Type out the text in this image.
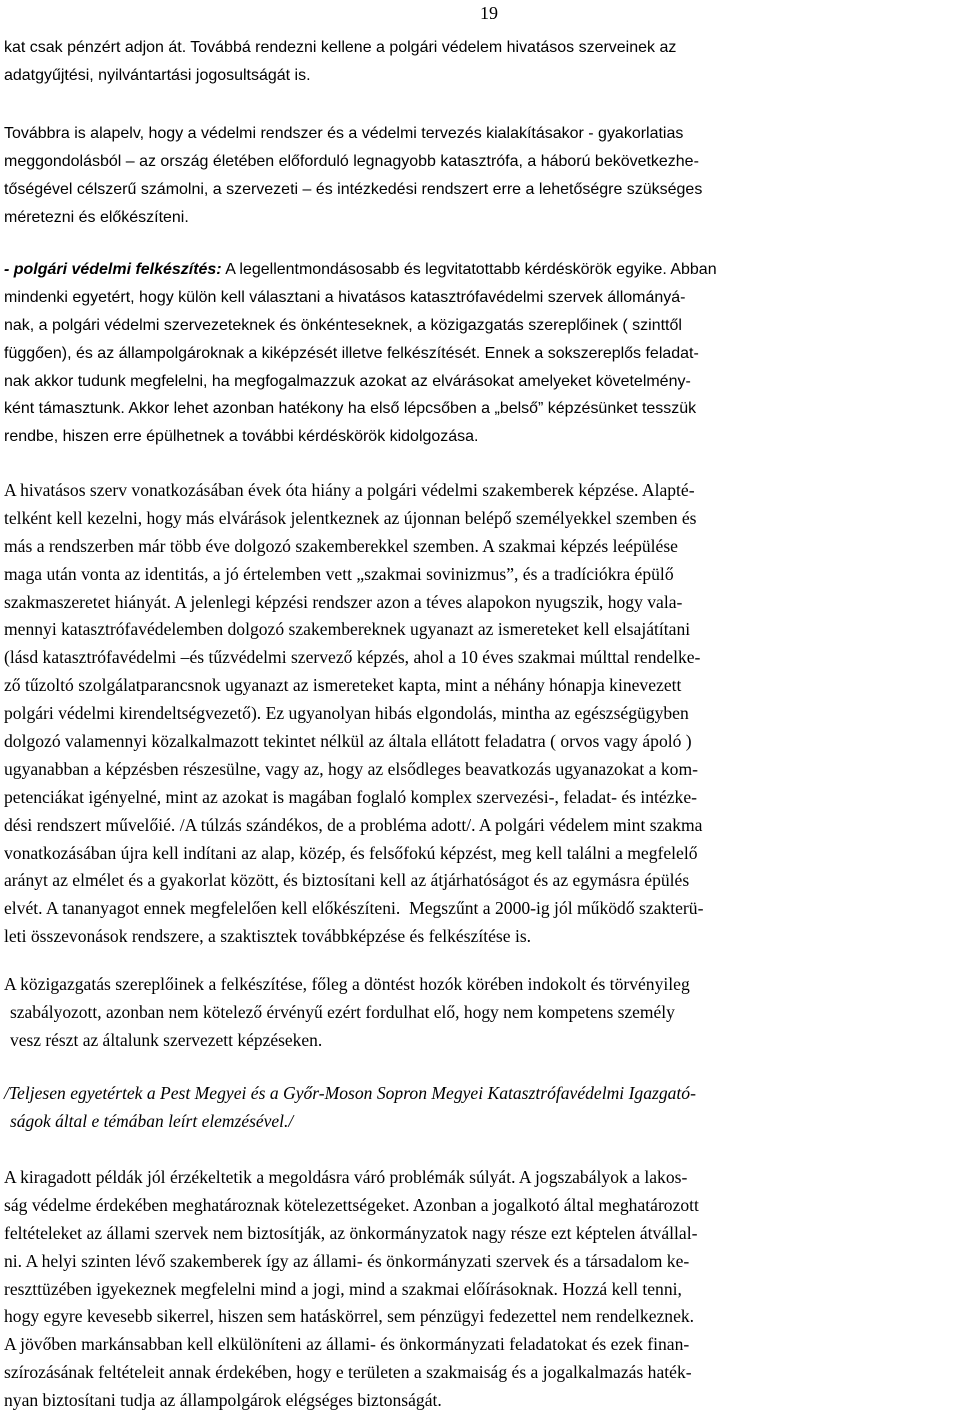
19
kat csak pénzért adjon át. Továbbá rendezni kellene a polgári védelem hivatásos szerveinek az
adatgyűjtési, nyilvántartási jogosultságát is.
Továbbra is alapelv, hogy a védelmi rendszer és a védelmi tervezés kialakításakor - gyakorlatias
meggondolásból – az ország életében előforduló legnagyobb katasztrófa, a háború bekövetkezhe-
tőségével célszerű számolni, a szervezeti – és intézkedési rendszert erre a lehetőségre szükséges
méretezni és előkészíteni.
- polgári védelmi felkészítés: A legellentmondásosabb és legvitatottabb kérdéskörök egyike. Abban
mindenki egyetért, hogy külön kell választani a hivatásos katasztrófavédelmi szervek állományá-
nak, a polgári védelmi szervezeteknek és önkénteseknek, a közigazgatás szereplőinek ( szinttől
függően), és az állampolgároknak a kiképzését illetve felkészítését. Ennek a sokszereplős feladat-
nak akkor tudunk megfelelni, ha megfogalmazzuk azokat az elvárásokat amelyeket követelmény-
ként támasztunk. Akkor lehet azonban hatékony ha első lépcsőben a „belső” képzésünket tesszük
rendbe, hiszen erre épülhetnek a további kérdéskörök kidolgozása.
A hivatásos szerv vonatkozásában évek óta hiány a polgári védelmi szakemberek képzése. Alapté-
telként kell kezelni, hogy más elvárások jelentkeznek az újonnan belépő személyekkel szemben és
más a rendszerben már több éve dolgozó szakemberekkel szemben. A szakmai képzés leépülése
maga után vonta az identitás, a jó értelemben vett „szakmai sovinizmus”, és a tradíciókra épülő
szakmaszeretet hiányát. A jelenlegi képzési rendszer azon a téves alapokon nyugszik, hogy vala-
mennyi katasztrófavédelemben dolgozó szakembereknek ugyanazt az ismereteket kell elsajátítani
(lásd katasztrófavédelmi –és tűzvédelmi szervező képzés, ahol a 10 éves szakmai múlttal rendelke-
ző tűzoltó szolgálatparancsnok ugyanazt az ismereteket kapta, mint a néhány hónapja kinevezett
polgári védelmi kirendeltségvezető). Ez ugyanolyan hibás elgondolás, mintha az egészségügyben
dolgozó valamennyi közalkalmazott tekintet nélkül az általa ellátott feladatra ( orvos vagy ápoló )
ugyanabban a képzésben részesülne, vagy az, hogy az elsődleges beavatkozás ugyanazokat a kom-
petenciákat igényelné, mint az azokat is magában foglaló komplex szervezési-, feladat- és intézke-
dési rendszert művelőié. /A túlzás szándékos, de a probléma adott/. A polgári védelem mint szakma
vonatkozásában újra kell indítani az alap, közép, és felsőfokú képzést, meg kell találni a megfelelő
arányt az elmélet és a gyakorlat között, és biztosítani kell az átjárhatóságot és az egymásra épülés
elvét. A tananyagot ennek megfelelően kell előkészíteni.  Megszűnt a 2000-ig jól működő szakterü-
leti összevonások rendszere, a szaktisztek továbbképzése és felkészítése is.
A közigazgatás szereplőinek a felkészítése, főleg a döntést hozók körében indokolt és törvényileg
szabályozott, azonban nem kötelező érvényű ezért fordulhat elő, hogy nem kompetens személy
vesz részt az általunk szervezett képzéseken.
/Teljesen egyetértek a Pest Megyei és a Győr-Moson Sopron Megyei Katasztrófavédelmi Igazgató-
ságok által e témában leírt elemzésével./
A kiragadott példák jól érzékeltetik a megoldásra váró problémák súlyát. A jogszabályok a lakos-
ság védelme érdekében meghatároznak kötelezettségeket. Azonban a jogalkotó által meghatározott
feltételeket az állami szervek nem biztosítják, az önkormányzatok nagy része ezt képtelen átvállal-
ni. A helyi szinten lévő szakemberek így az állami- és önkormányzati szervek és a társadalom ke-
reszttüzében igyekeznek megfelelni mind a jogi, mind a szakmai előírásoknak. Hozzá kell tenni,
hogy egyre kevesebb sikerrel, hiszen sem hatáskörrel, sem pénzügyi fedezettel nem rendelkeznek.
A jövőben markánsabban kell elkülöníteni az állami- és önkormányzati feladatokat és ezek finan-
szírozásának feltételeit annak érdekében, hogy e területen a szakmaiság és a jogalkalmazás haték-
nyan biztosítani tudja az állampolgárok elégséges biztonságát.
